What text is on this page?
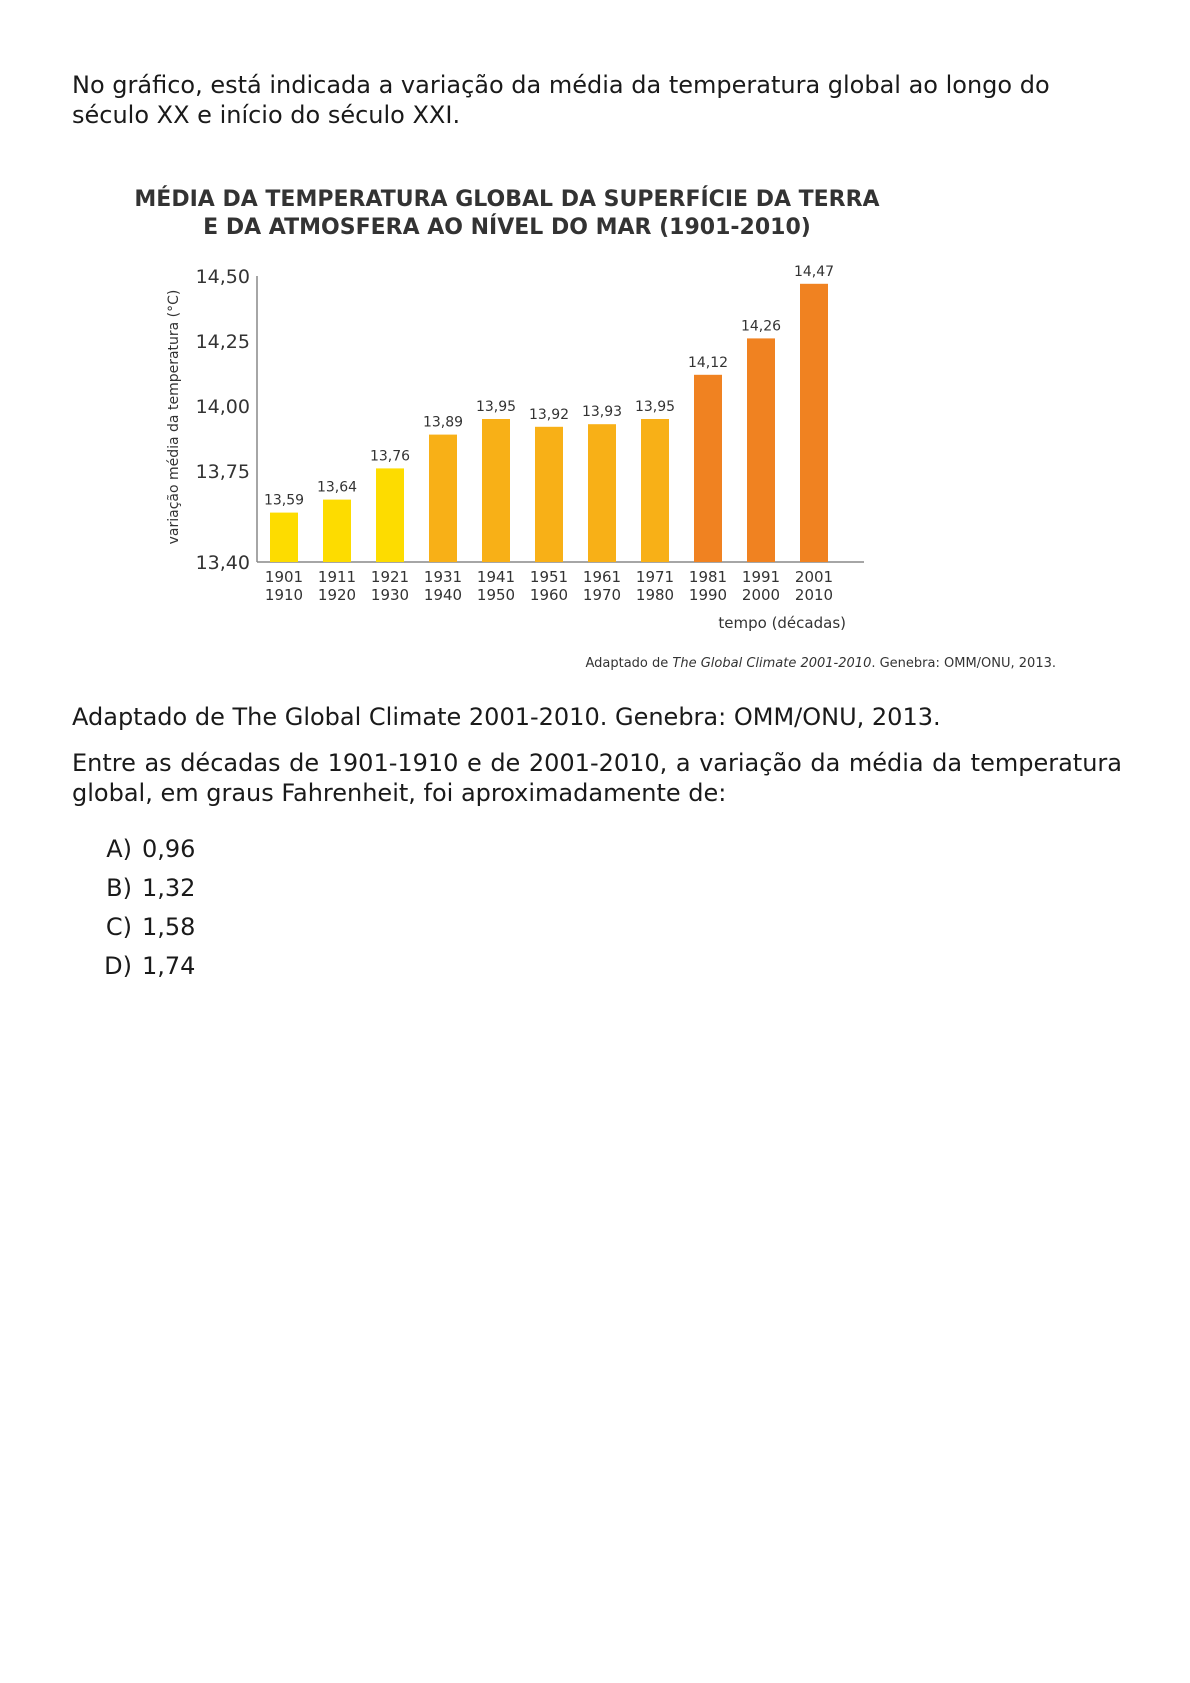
No gráfico, está indicada a variação da média da temperatura global ao longo do século XX e início do século XXI.

MÉDIA DA TEMPERATURA GLOBAL DA SUPERFÍCIE DA TERRA
E DA ATMOSFERA AO NÍVEL DO MAR (1901-2010)
variação média da temperatura (°C)
14,50
14,25
14,00
13,75
13,40
13,59
13,64
13,76
13,89
13,95 13,92 13,93 13,95
14,12
14,26
14,47
1901
1910
1911
1920
1921
1930
1931
1940
1941
1950
1951
1960
1961
1970
1971
1980
1981
1990
1991
2000
2001
2010
tempo (décadas)
Adaptado de The Global Climate 2001-2010. Genebra: OMM/ONU, 2013.

Adaptado de The Global Climate 2001-2010. Genebra: OMM/ONU, 2013.

Entre as décadas de 1901-1910 e de 2001-2010, a variação da média da temperatura global, em graus Fahrenheit, foi aproximadamente de:

A) 0,96
B) 1,32
C) 1,58
D) 1,74
